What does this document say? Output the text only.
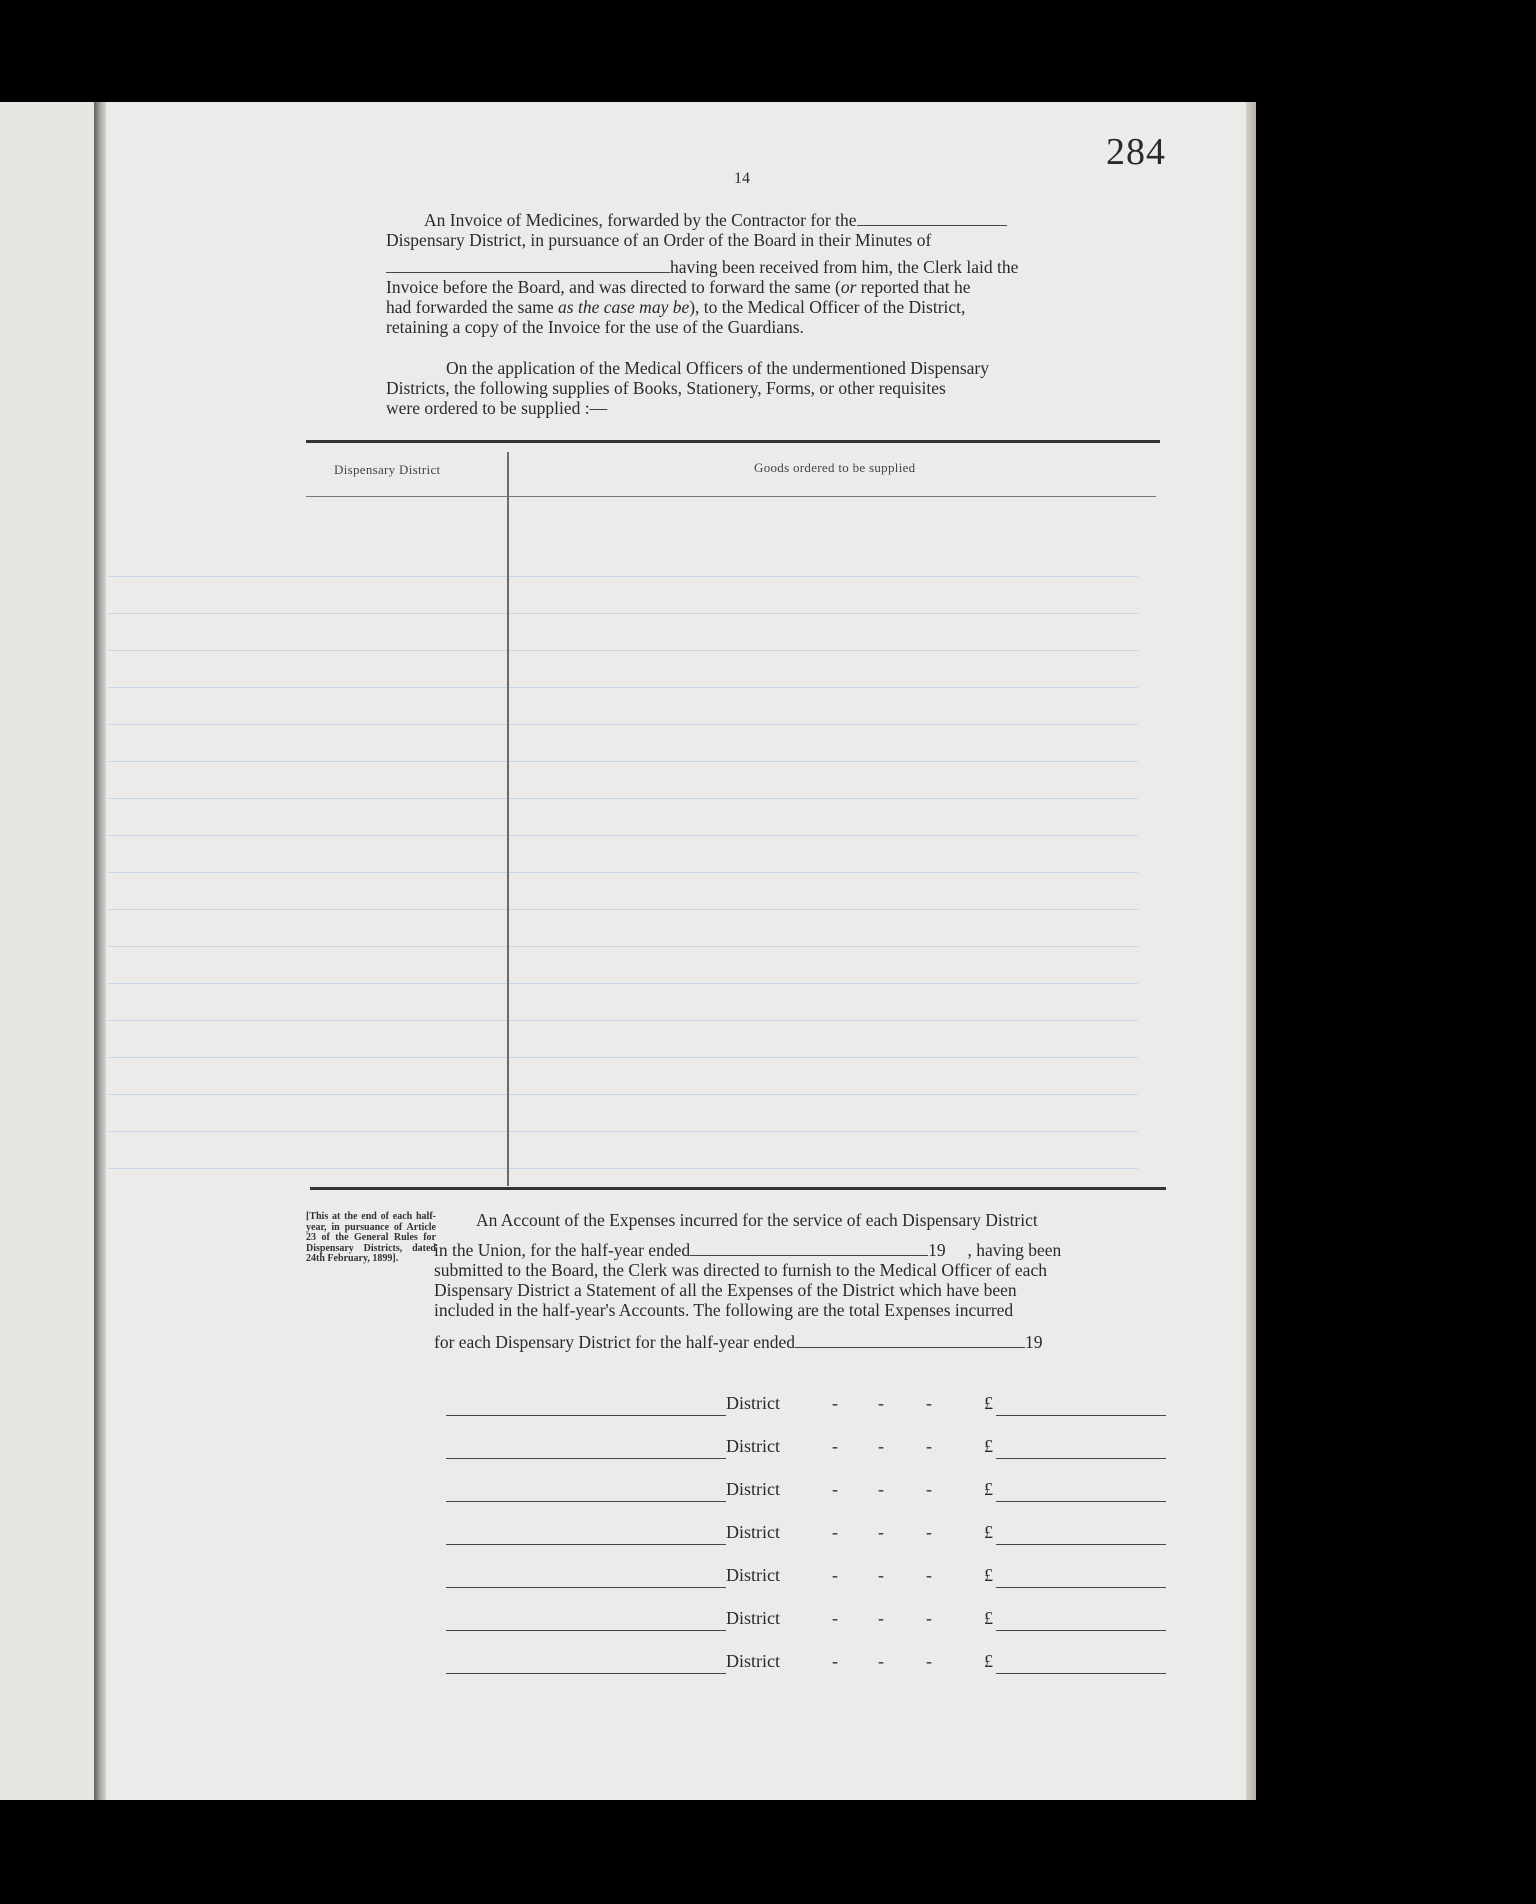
284
14

An Invoice of Medicines, forwarded by the Contractor for the
Dispensary District, in pursuance of an Order of the Board in their Minutes of
having been received from him, the Clerk laid the
Invoice before the Board, and was directed to forward the same (or reported that he
had forwarded the same as the case may be), to the Medical Officer of the District,
retaining a copy of the Invoice for the use of the Guardians.

On the application of the Medical Officers of the undermentioned Dispensary
Districts, the following supplies of Books, Stationery, Forms, or other requisites
were ordered to be supplied :—

Dispensary District	Goods ordered to be supplied
[This at the end of each half-year, in pursuance of Article 23 of the General Rules for Dispensary Districts, dated 24th February, 1899].

An Account of the Expenses incurred for the service of each Dispensary District

in the Union, for the half-year ended	19 , having been
submitted to the Board, the Clerk was directed to furnish to the Medical Officer of each
Dispensary District a Statement of all the Expenses of the District which have been
included in the half-year's Accounts. The following are the total Expenses incurred

for each Dispensary District for the half-year ended	19

District	- - -	£
District	- - -	£
District	- - -	£
District	- - -	£
District	- - -	£
District	- - -	£
District	- - -	£
